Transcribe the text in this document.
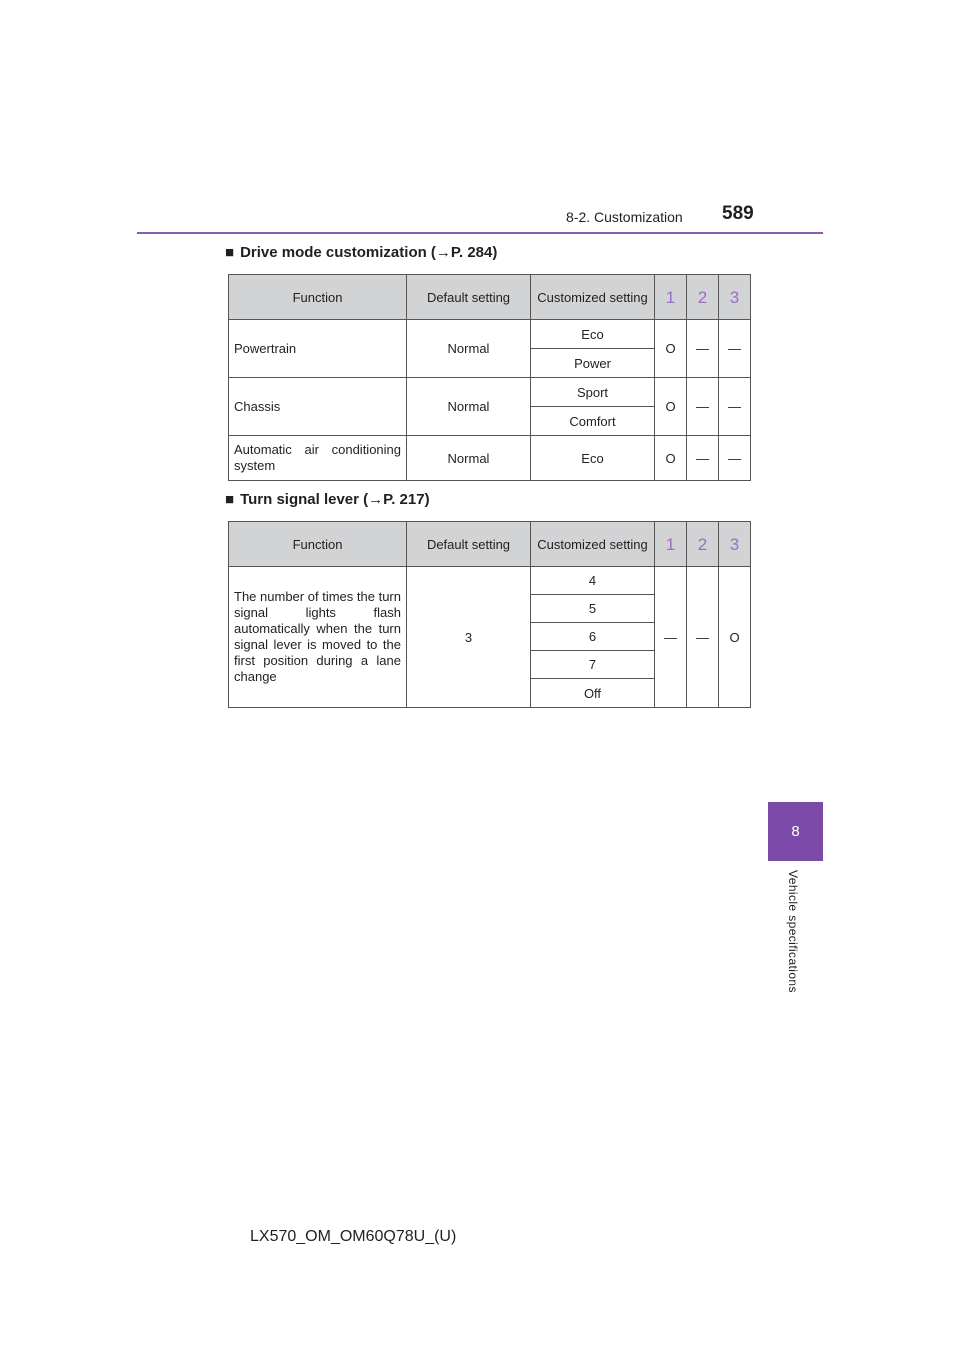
8-2. Customization 589
■ Drive mode customization (→P. 284)
Function	Default setting	Customized setting	1	2	3
Powertrain	Normal	Eco	O	—	—
		Power			
Chassis	Normal	Sport	O	—	—
		Comfort			
Automatic air conditioning system	Normal	Eco	O	—	—
■ Turn signal lever (→P. 217)
Function	Default setting	Customized setting	1	2	3
The number of times the turn signal lights flash automatically when the turn signal lever is moved to the first position during a lane change	3	4	—	—	O
		5			
		6			
		7			
		Off			
8
Vehicle specifications
LX570_OM_OM60Q78U_(U)
